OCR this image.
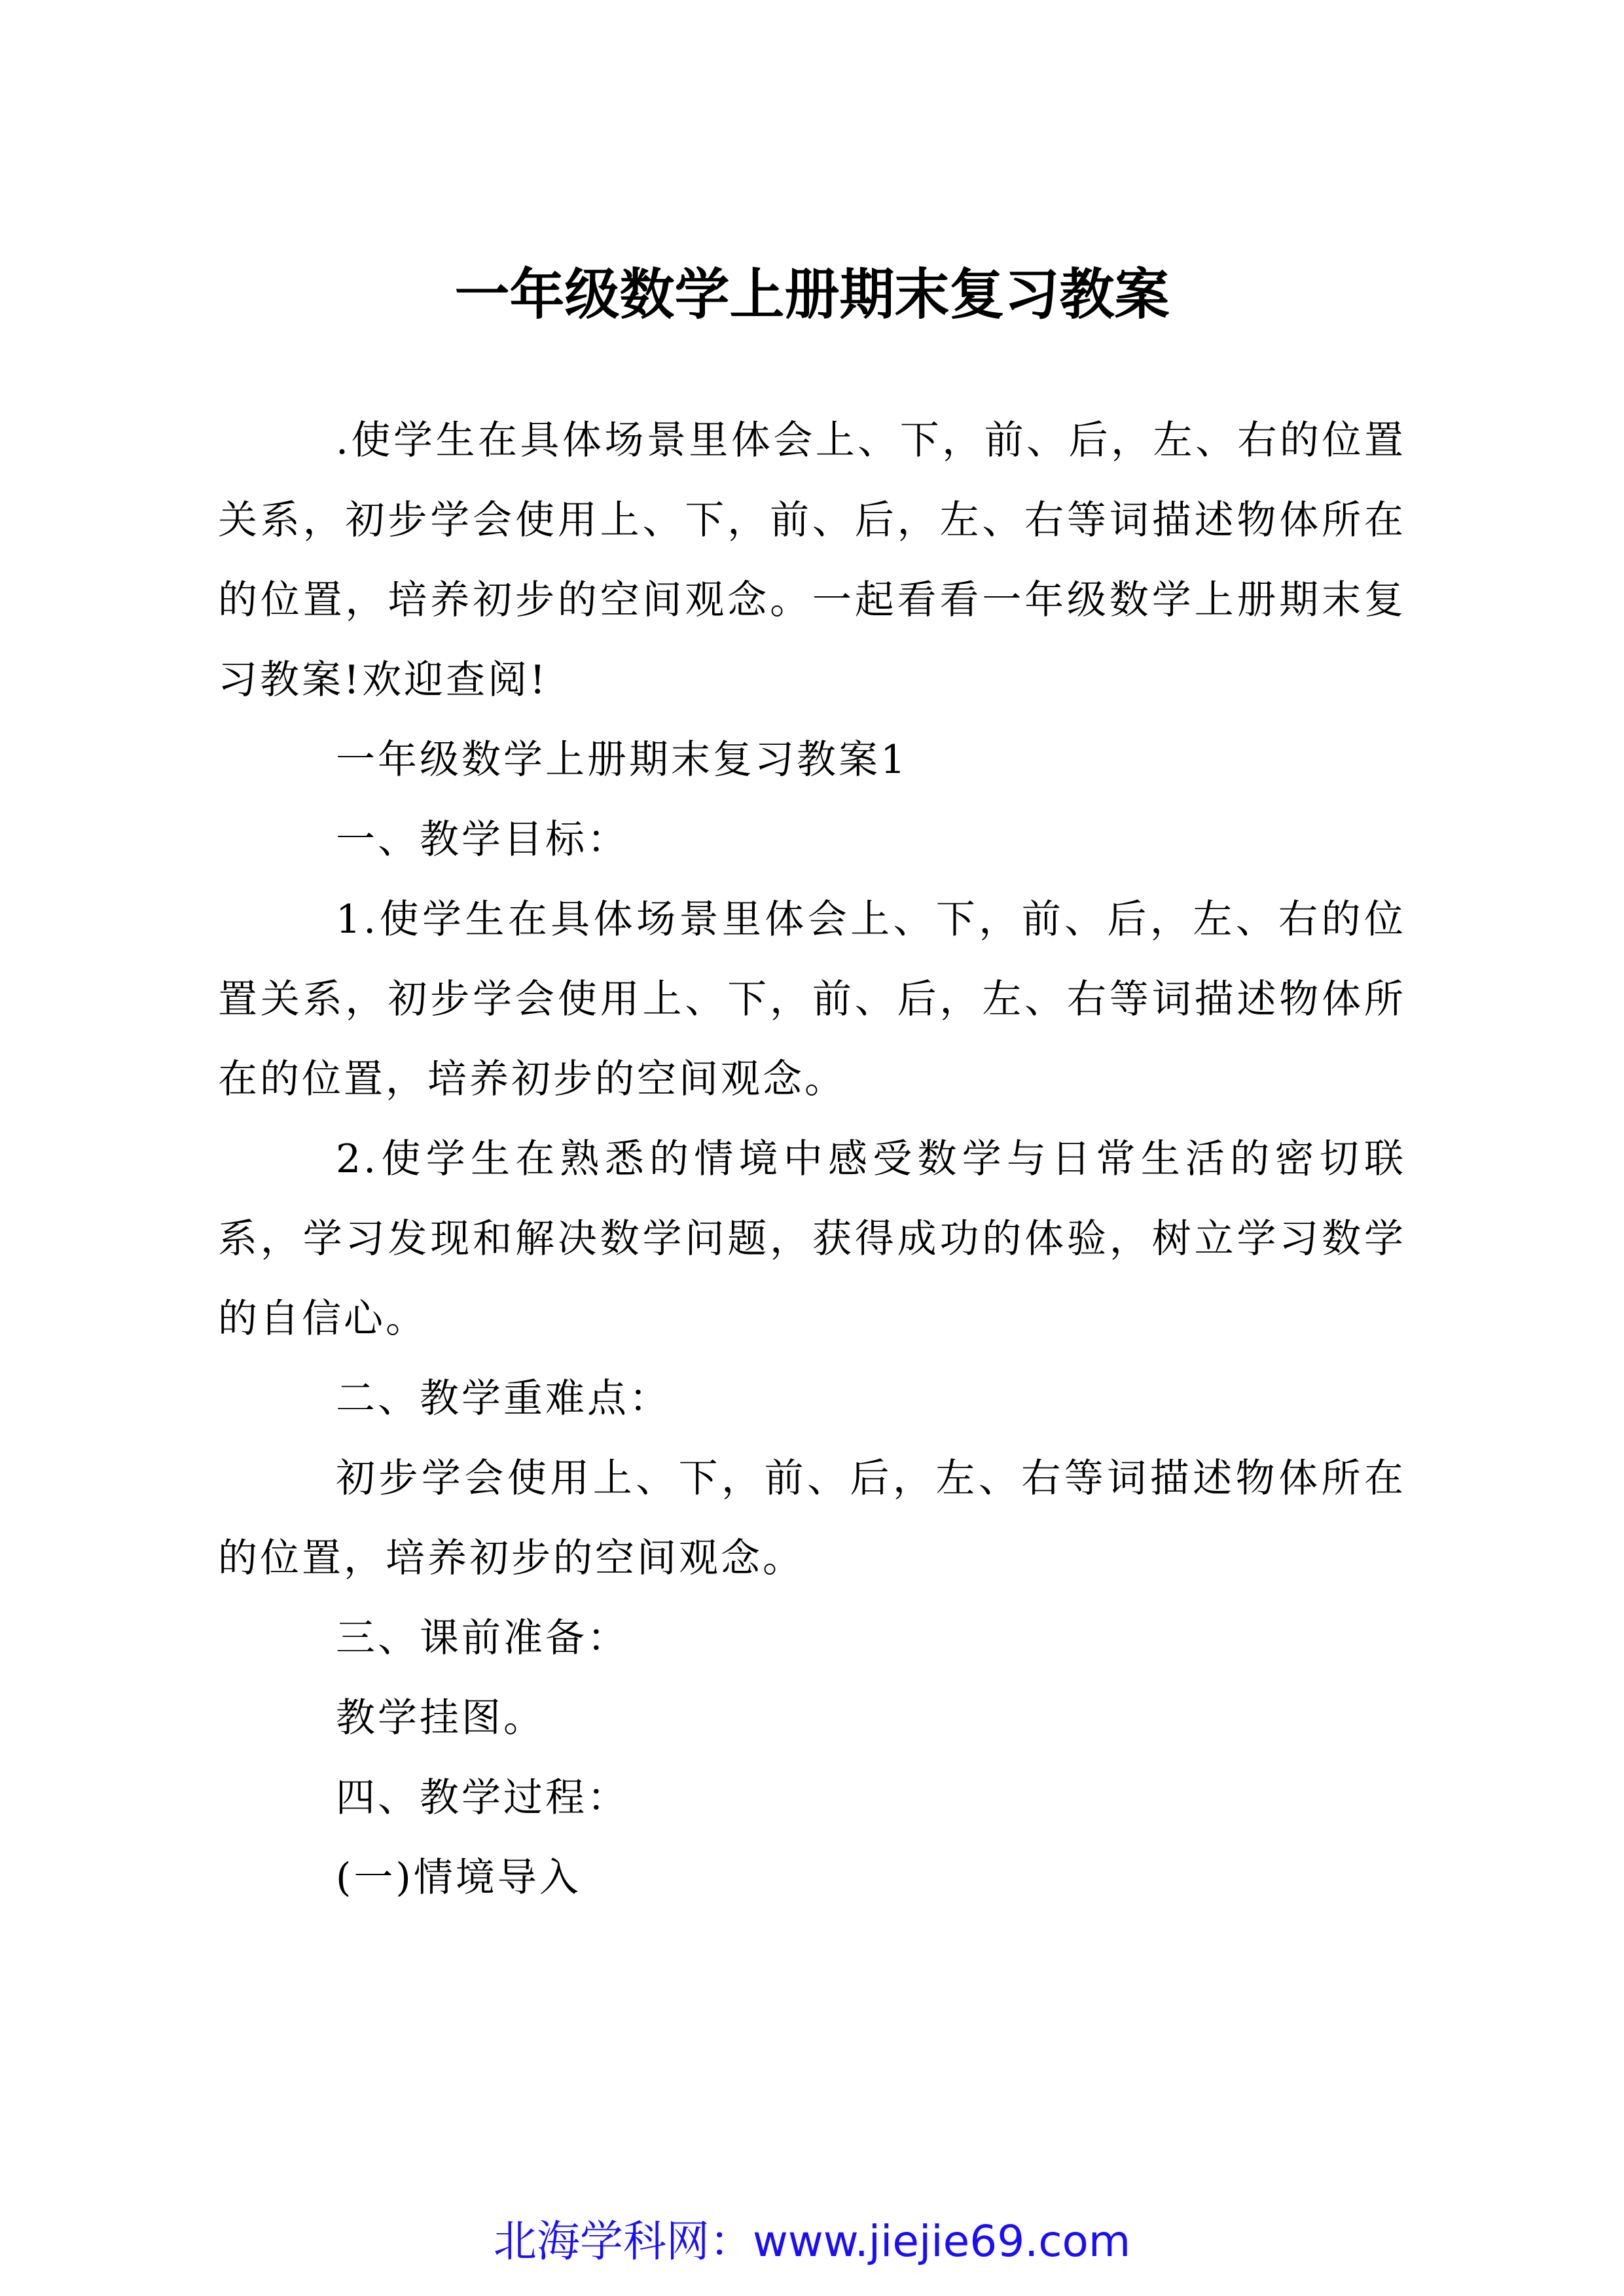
一年级数学上册期末复习教案

.使学生在具体场景里体会上、下，前、后，左、右的位置关系，初步学会使用上、下，前、后，左、右等词描述物体所在的位置，培养初步的空间观念。一起看看一年级数学上册期末复习教案!欢迎查阅!

一年级数学上册期末复习教案1

一、教学目标：

1.使学生在具体场景里体会上、下，前、后，左、右的位置关系，初步学会使用上、下，前、后，左、右等词描述物体所在的位置，培养初步的空间观念。

2.使学生在熟悉的情境中感受数学与日常生活的密切联系，学习发现和解决数学问题，获得成功的体验，树立学习数学的自信心。

二、教学重难点：

初步学会使用上、下，前、后，左、右等词描述物体所在的位置，培养初步的空间观念。

三、课前准备：

教学挂图。

四、教学过程：

(一)情境导入

北海学科网：www.jiejie69.com
